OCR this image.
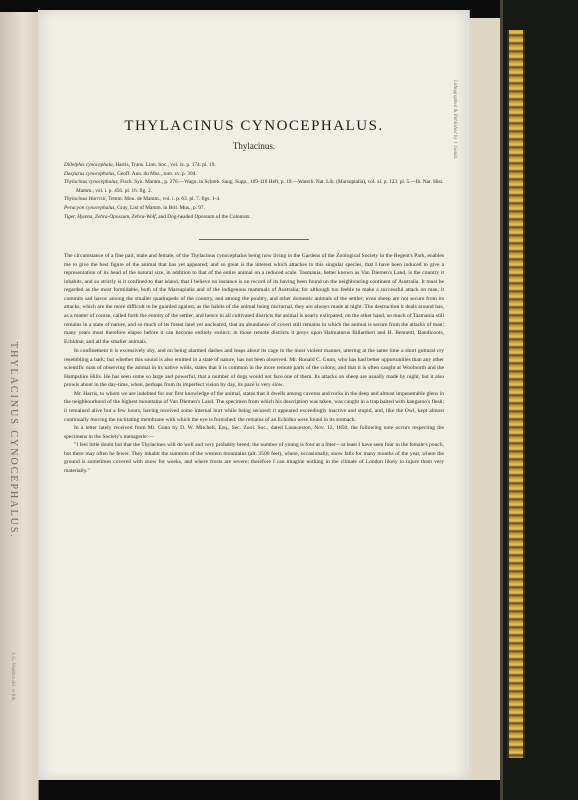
THYLACINUS CYNOCEPHALUS.
J. G. Waddon del. et lith.
Lithographed & Published by J. Gould.
THYLACINUS CYNOCEPHALUS.
Thylacinus.

Didelphis cynocephala, Harris, Trans. Linn. Soc., vol. ix. p. 174. pl. 19.

Dasyurus cynocephalus, Geoff. Ann. du Mus., tom. xv. p. 304.

Thylacinus cynocephalus, Fisch. Syn. Mamm., p. 270.—Wagn. in Schreb. Saug. Supp., 109-110 Heft, p. 19.—Waterh. Nat. Lib. (Marsupialia), vol. xi. p. 123. pl. 5.—Ib. Nat. Hist. Mamm., vol. i. p. 456. pl. 16. fig. 2.

Thylacinus Harrisii, Temm. Mon. de Mamm., vol. i. p. 63. pl. 7. figs. 1-4.

Peracyon cynocephalus, Gray, List of Mamm. in Brit. Mus., p. 97.

Tiger, Hyæna, Zebra-Opossum, Zebra-Wolf, and Dog-headed Opossum of the Colonists.

The circumstance of a fine pair, male and female, of the Thylacinus cynocephalus being now living in the Gardens of the Zoological Society in the Regent's Park, enables me to give the best figure of the animal that has yet appeared; and so great is the interest which attaches to this singular species, that I have been induced to give a representation of its head of the natural size, in addition to that of the entire animal on a reduced scale. Tasmania, better known as Van Diemen's Land, is the country it inhabits, and so strictly is it confined to that island, that I believe no instance is on record of its having been found on the neighbouring continent of Australia. It must be regarded as the most formidable, both of the Marsupialia and of the indigenous mammals of Australia; for although too feeble to make a successful attack on man, it commits sad havoc among the smaller quadrupeds of the country, and among the poultry, and other domestic animals of the settler; even sheep are not secure from its attacks, which are the more difficult to be guarded against, as the habits of the animal being nocturnal, they are always made at night. The destruction it deals around has, as a matter of course, called forth the enmity of the settler, and hence in all cultivated districts the animal is nearly extirpated; on the other hand, so much of Tasmania still remains in a state of nature, and so much of its forest land yet uncleared, that an abundance of covert still remains in which the animal is secure from the attacks of man; many years must therefore elapse before it can become entirely extinct; in those remote districts it preys upon Halmaturus Billardieri and H. Bennetti, Bandicoots, Echidnæ, and all the smaller animals.

In confinement it is excessively shy, and on being alarmed dashes and leaps about its cage in the most violent manner, uttering at the same time a short guttural cry resembling a bark; but whether this sound is also emitted in a state of nature, has not been observed. Mr. Ronald C. Gunn, who has had better opportunities than any other scientific man of observing the animal in its native wilds, states that it is common in the more remote parts of the colony, and that it is often caught at Woolnorth and the Hampshire Hills. He has seen some so large and powerful, that a number of dogs would not face one of them. Its attacks on sheep are usually made by night, but it also prowls about in the day-time, when, perhaps from its imperfect vision by day, its pace is very slow.

Mr. Harris, to whom we are indebted for our first knowledge of the animal, states that it dwells among caverns and rocks in the deep and almost impenetrable glens in the neighbourhood of the highest mountains of Van Diemen's Land. The specimen from which his description was taken, was caught in a trap baited with kangaroo's flesh; it remained alive but a few hours, having received some internal hurt while being secured; it appeared exceedingly inactive and stupid, and, like the Owl, kept almost continually moving the nictitating membrane with which the eye is furnished: the remains of an Echidna were found in its stomach.

In a letter lately received from Mr. Gunn by D. W. Mitchell, Esq., Sec. Zool. Soc., dated Launceston, Nov. 12, 1850, the following note occurs respecting the specimens in the Society's menagerie:—

"I feel little doubt but that the Thylacines will do well and very probably breed; the number of young is four at a litter—at least I have seen four in the female's pouch, but there may often be fewer. They inhabit the summits of the western mountains (alt. 3500 feet), where, occasionally, snow falls for many months of the year, where the ground is sometimes covered with snow for weeks, and where frosts are severe; therefore I can imagine nothing in the climate of London likely to injure them very materially."
